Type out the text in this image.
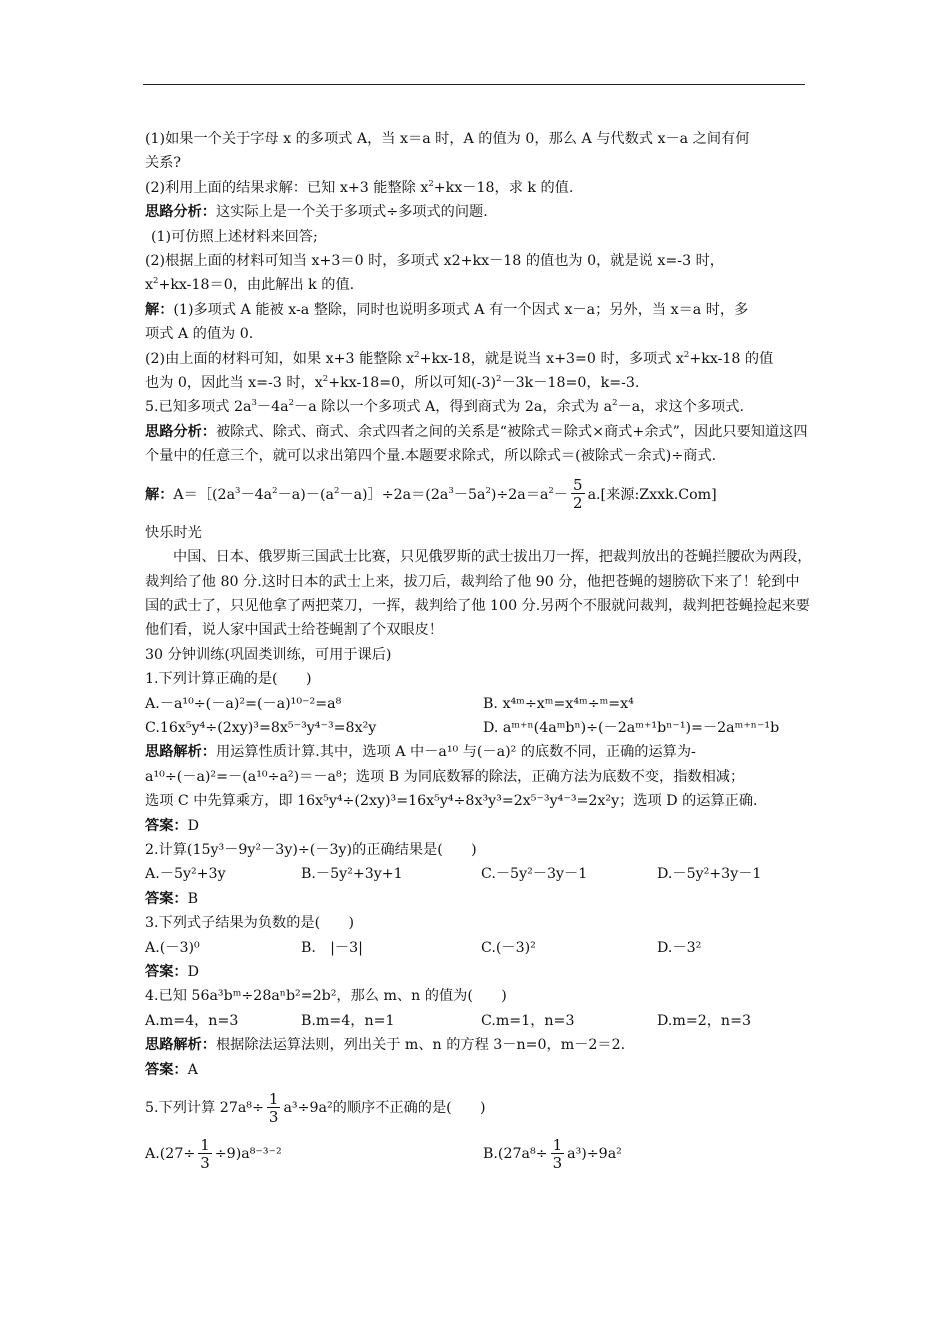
(1)如果一个关于字母 x 的多项式 A，当 x＝a 时，A 的值为 0，那么 A 与代数式 x－a 之间有何
关系?
(2)利用上面的结果求解：已知 x+3 能整除 $x^2+kx-18$，求 k 的值.
思路分析：这实际上是一个关于多项式÷多项式的问题.
(1)可仿照上述材料来回答;
(2)根据上面的材料可知当 x+3＝0 时，多项式 x2+kx－18 的值也为 0，就是说 x=-3 时，
$x^2+kx-18=0$，由此解出 k 的值.
解：(1)多项式 A 能被 x-a 整除，同时也说明多项式 A 有一个因式 x－a；另外，当 x＝a 时，多
项式 A 的值为 0.
(2)由上面的材料可知，如果 x+3 能整除 $x^2+kx-18$，就是说当 x+3=0 时，多项式 $x^2+kx-18$ 的值
也为 0，因此当 x=-3 时，$x^2+kx-18=0$，所以可知$(-3)^2-3k-18=0$，k=-3.
5.已知多项式 $2a^3-4a^2-a$ 除以一个多项式 A，得到商式为 2a，余式为 $a^2-a$，求这个多项式.
思路分析：被除式、除式、商式、余式四者之间的关系是“被除式＝除式×商式+余式”，因此只要知道这四个量中的任意三个，就可以求出第四个量.本题要求除式，所以除式＝(被除式－余式)÷商式.
解：$A=[(2a^3-4a^2-a)-(a^2-a)]\div 2a=(2a^3-5a^2)\div 2a=a^2- \frac{5}{2} a$.[来源:Zxxk.Com]
快乐时光
中国、日本、俄罗斯三国武士比赛，只见俄罗斯的武士拔出刀一挥，把裁判放出的苍蝇拦腰砍为两段，裁判给了他 80 分.这时日本的武士上来，拔刀后，裁判给了他 90 分，他把苍蝇的翅膀砍下来了！轮到中国的武士了，只见他拿了两把菜刀，一挥，裁判给了他 100 分.另两个不服就问裁判，裁判把苍蝇捡起来要他们看，说人家中国武士给苍蝇割了个双眼皮！
30 分钟训练(巩固类训练，可用于课后)
1.下列计算正确的是(　　)
A.－a¹⁰÷(－a)²=(－a)¹⁰⁻²=a⁸	B. x⁴ᵐ÷xᵐ=x⁴ᵐ÷ᵐ=x⁴
C.16x⁵y⁴÷(2xy)³=8x⁵⁻³y⁴⁻³=8x²y	D. aᵐ⁺ⁿ(4aᵐbⁿ)÷(－2aᵐ⁺¹bⁿ⁻¹)=－2aᵐ⁺ⁿ⁻¹b
思路解析：用运算性质计算.其中，选项 A 中－a¹⁰ 与(－a)² 的底数不同，正确的运算为-
a¹⁰÷(－a)²=－(a¹⁰÷a²)＝－a⁸；选项 B 为同底数幂的除法，正确方法为底数不变，指数相减；
选项 C 中先算乘方，即 16x⁵y⁴÷(2xy)³=16x⁵y⁴÷8x³y³=2x⁵⁻³y⁴⁻³=2x²y；选项 D 的运算正确.
答案：D
2.计算(15y³－9y²－3y)÷(－3y)的正确结果是(　　)
A.－5y²+3y	B.－5y²+3y+1	C.－5y²－3y－1	D.－5y²+3y－1
答案：B
3.下列式子结果为负数的是(　　)
A.(－3)⁰	B.　|－3|	C.(－3)²	D.－3²
答案：D
4.已知 56a³bᵐ÷28aⁿb²=2b²，那么 m、n 的值为(　　)
A.m=4，n=3	B.m=4，n=1	C.m=1，n=3	D.m=2，n=3
思路解析：根据除法运算法则，列出关于 m、n 的方程 3－n=0，m－2＝2.
答案：A
5.下列计算 $27a^8\div \frac{1}{3} a^3\div 9a^2$的顺序不正确的是(　　)
$A.(27\div \frac{1}{3} \div 9)a^{8-3-2}$	$B.(27a^8\div \frac{1}{3} a^3)\div 9a^2$
